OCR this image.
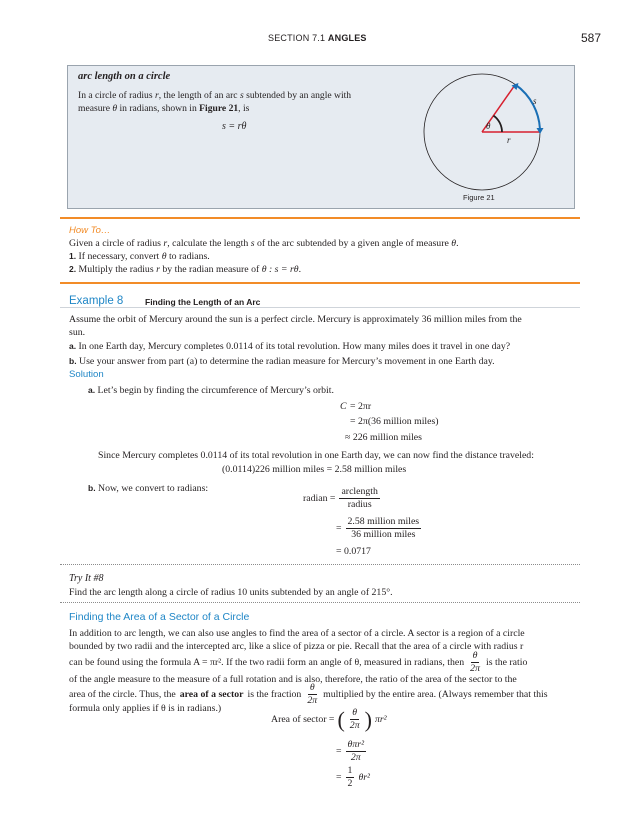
SECTION 7.1 ANGLES	587
arc length on a circle
In a circle of radius r, the length of an arc s subtended by an angle with
measure θ in radians, shown in Figure 21, is
s = rθ
s
θ
r
Figure 21
How To…
Given a circle of radius r, calculate the length s of the arc subtended by a given angle of measure θ.
1. If necessary, convert θ to radians.
2. Multiply the radius r by the radian measure of θ : s = rθ.
Example 8	Finding the Length of an Arc
Assume the orbit of Mercury around the sun is a perfect circle. Mercury is approximately 36 million miles from the
sun.
a. In one Earth day, Mercury completes 0.0114 of its total revolution. How many miles does it travel in one day?
b. Use your answer from part (a) to determine the radian measure for Mercury’s movement in one Earth day.
Solution
a. Let’s begin by finding the circumference of Mercury’s orbit.
C = 2πr
= 2π(36 million miles)
≈ 226 million miles
Since Mercury completes 0.0114 of its total revolution in one Earth day, we can now find the distance traveled:
(0.0114)226 million miles = 2.58 million miles
b. Now, we convert to radians:
radian = $\frac{\text{arclength}}{\text{radius}}$
= $\frac{\text{2.58 million miles}}{\text{36 million miles}}$
= 0.0717
Try It #8
Find the arc length along a circle of radius 10 units subtended by an angle of 215°.
Finding the Area of a Sector of a Circle
In addition to arc length, we can also use angles to find the area of a sector of a circle. A sector is a region of a circle
bounded by two radii and the intercepted arc, like a slice of pizza or pie. Recall that the area of a circle with radius r
can be found using the formula A = πr². If the two radii form an angle of θ, measured in radians, then $\frac{\theta}{2\pi}$ is the ratio
of the angle measure to the measure of a full rotation and is also, therefore, the ratio of the area of the sector to the
area of the circle. Thus, the area of a sector is the fraction $\frac{\theta}{2\pi}$ multiplied by the entire area. (Always remember that this
formula only applies if θ is in radians.)
Area of sector = ( $\frac{\theta}{2\pi}$ ) πr²
= $\frac{\text{θπr²}}{2\pi}$
= $\frac{1}{2} \theta r^2$
